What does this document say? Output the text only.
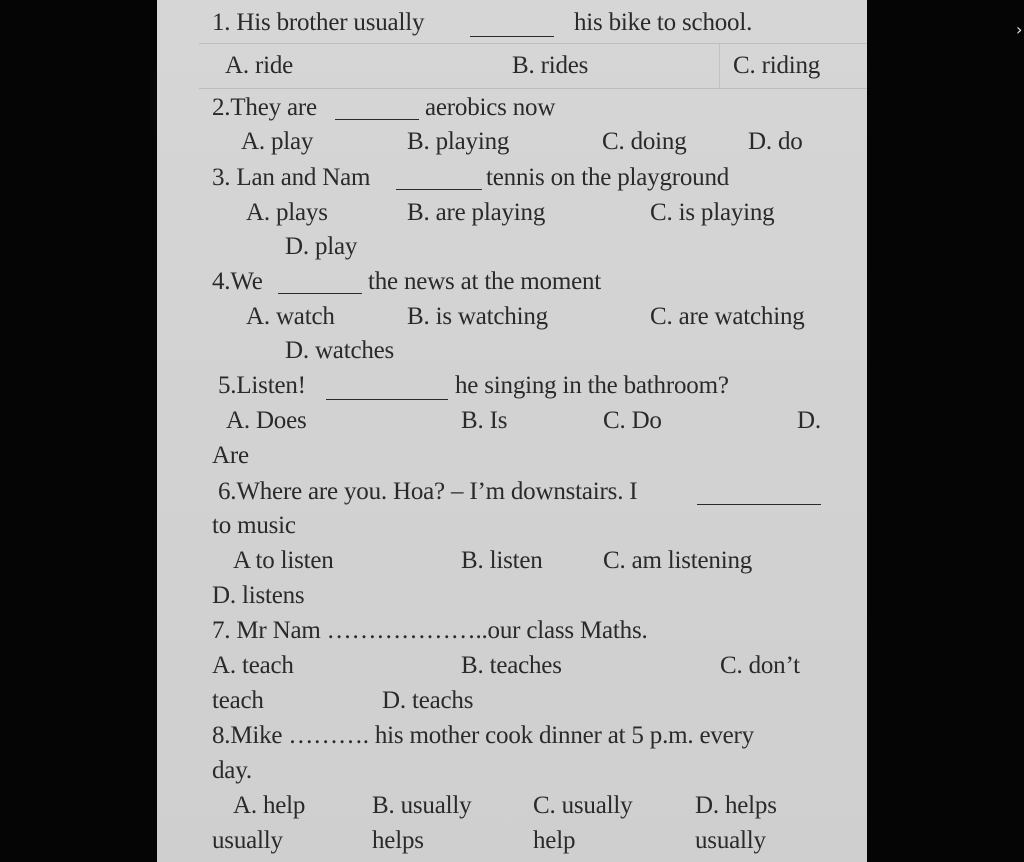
›
1. His brother usually	his bike to school.
A. ride	B. rides	C. riding
2.They are	aerobics now
A. play	B. playing	C. doing D. do
3. Lan and Nam	tennis on the playground
A. plays	B. are playing	C. is playing
D. play
4.We	the news at the moment
A. watch	B. is watching	C. are watching
D. watches
5.Listen!	he singing in the bathroom?
A. Does	B. Is	C. Do	D.
Are
6.Where are you. Hoa? – I’m downstairs. I
to music
A to listen	B. listen C. am listening
D. listens
7. Mr Nam ………………..our class Maths.
A. teach	B. teaches	C. don’t
teach	D. teachs
8.Mike ………. his mother cook dinner at 5 p.m. every
day.
A. help
usually
B. usually
helps
C. usually
help
D. helps
usually
